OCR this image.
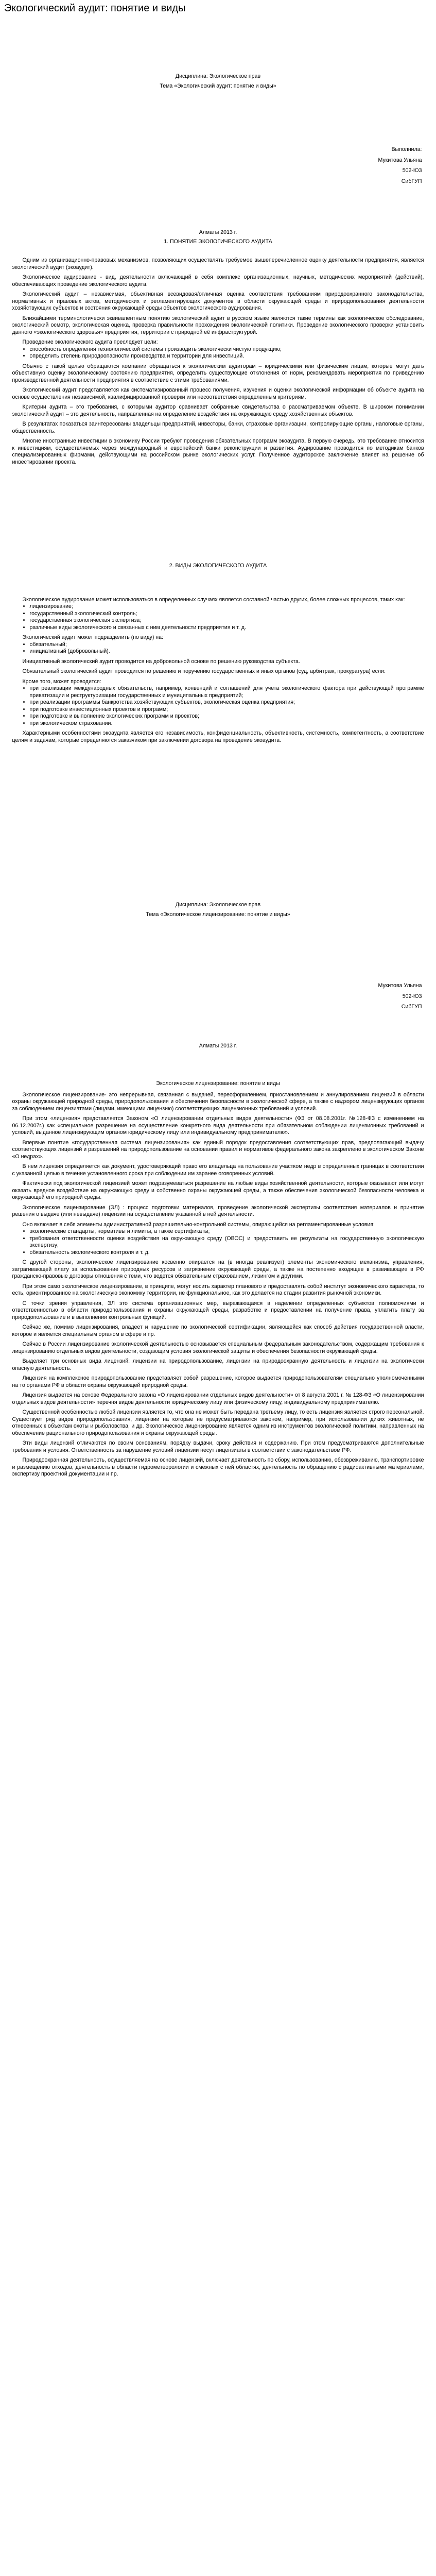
Экологический аудит: понятие и виды
Дисциплина: Экологическое прав
Тема «Экологический аудит: понятие и виды»
Выполнила:
Мукитова Ульяна
502-Ю3
СибГУП
Алматы 2013 г.
1. ПОНЯТИЕ ЭКОЛОГИЧЕСКОГО АУДИТА

Одним из организационно-правовых механизмов, позволяющих осуществлять требуемое вышеперечисленное оценку деятельности предприятия, является экологический аудит (экоаудит).

Экологическое аудирование - вид, деятельности включающий в себя комплекс организационных, научных, методических мероприятий (действий), обеспечивающих проведение экологического аудита.

Экологический аудит – независимая, объективная всевидовая/отличная оценка соответствия требованиям природоохранного законодательства, нормативных и правовых актов, методических и регламентирующих документов в области окружающей среды и природопользования деятельности хозяйствующих субъектов и состояния окружающей среды объектов экологического аудирования.

Ближайшими терминологически эквивалентным понятию экологический аудит в русском языке являются такие термины как экологическое обследование, экологический осмотр, экологическая оценка, проверка правильности прохождения экологической политики. Проведение экологического проверки установить данного «экологического здоровья» предприятия, территории с природной её инфраструктурой.

Проведение экологического аудита преследует цели:

• способность определения технологической системы производить экологически чистую продукцию;
• определить степень природоопасности производства и территории для инвестиций.

Обычно с такой целью обращаются компании обращаться к экологическим аудиторам – юридическими или физическим лицам, которые могут дать объективную оценку экологическому состоянию предприятия, определить существующие отклонения от норм, рекомендовать мероприятия по приведению производственной деятельности предприятия в соответствие с этими требованиями.

Экологический аудит представляется как систематизированный процесс получения, изучения и оценки экологической информации об объекте аудита на основе осуществления независимой, квалифицированной проверки или несоответствия определенным критериям.

Критерии аудита – это требования, с которыми аудитор сравнивает собранные свидетельства о рассматриваемом объекте. В широком понимании экологический аудит – это деятельность, направленная на определение воздействия на окружающую среду хозяйственных объектов.

В результатах показаться заинтересованы владельцы предприятий, инвесторы, банки, страховые организации, контролирующие органы, налоговые органы, общественность.

Многие иностранные инвестиции в экономику России требуют проведения обязательных программ экоаудита. В первую очередь, это требование относится к инвестициям, осуществляемых через международный и европейский банки реконструкции и развития. Аудирование проводится по методикам банков специализированных фирмами, действующими на российском рынке экологических услуг. Полученное аудиторское заключение влияет на решение об инвестировании проекта.

2. ВИДЫ ЭКОЛОГИЧЕСКОГО АУДИТА

Экологическое аудирование может использоваться в определенных случаях является составной частью других, более сложных процессов, таких как:

• лицензирование;
• государственный экологический контроль;
• государственная экологическая экспертиза;
• различные виды экологического и связанных с ним деятельности предприятия и т. д.

Экологический аудит может подразделить (по виду) на:

• обязательный;
• инициативный (добровольный).

Инициативный экологический аудит проводится на добровольной основе по решению руководства субъекта.

Обязательный экологический аудит проводится по решению и поручению государственных и иных органов (суд, арбитраж, прокуратура) если:

Кроме того, может проводится:

• при реализации международных обязательств, например, конвенций и соглашений для учета экологического фактора при действующей программе приватизации и реструктуризации государственных и муниципальных предприятий;
• при реализации программы банкротства хозяйствующих субъектов, экологическая оценка предприятия;
• при подготовке инвестиционных проектов и программ;
• при подготовке и выполнение экологических программ и проектов;
• при экологическом страховании.

Характерными особенностями экоаудита является его независимость, конфиденциальность, объективность, системность, компетентность, а соответствие целям и задачам, которые определяются заказчиком при заключении договора на проведение экоаудита.

Дисциплина: Экологическое прав
Тема «Экологическое лицензирование: понятие и виды»
Мукитова Ульяна
502-Ю3
СибГУП
Алматы 2013 г.
Экологическое лицензирование: понятие и виды

Экологическое лицензирование- это непрерывная, связанная с выдачей, переоформлением, приостановлением и аннулированием лицензий в области охраны окружающей природной среды, природопользования и обеспечения безопасности в экологической сфере, а также с надзором лицензирующих органов за соблюдением лицензиатами (лицами, имеющими лицензию) соответствующих лицензионных требований и условий.

При этом «лицензия» представляется Законом «О лицензировании отдельных видов деятельности» (ФЗ от 08.08.2001г. №128-ФЗ с изменением на 06.12.2007г.) как «специальное разрешение на осуществление конкретного вида деятельности при обязательном соблюдении лицензионных требований и условий, выданное лицензирующим органом юридическому лицу или индивидуальному предпринимателю».

Впервые понятие «государственная система лицензирования» как единый порядок предоставления соответствующих прав, предполагающий выдачу соответствующих лицензий и разрешений на природопользование на основании правил и нормативов федерального закона закреплено в экологическом Законе «О недрах».

В нем лицензия определяется как документ, удостоверяющий право его владельца на пользование участком недр в определенных границах в соответствии с указанной целью в течение установленного срока при соблюдении им заранее оговоренных условий.

Фактически под экологической лицензией может подразумеваться разрешение на любые виды хозяйственной деятельности, которые оказывают или могут оказать вредное воздействие на окружающую среду и собственно охраны окружающей среды, а также обеспечения экологической безопасности человека и окружающей его природной среды.

Экологическое лицензирование (ЭЛ) : процесс подготовки материалов, проведение экологической экспертизы соответствия материалов и принятие решения о выдаче (или невыдаче) лицензии на осуществление указанной в ней деятельности.

Оно включает в себя элементы административной разрешительно-контрольной системы, опирающейся на регламентированные условия:

• экологические стандарты, нормативы и лимиты, а также сертификаты;
• требования ответственности оценки воздействия на окружающую среду (ОВОС) и предоставить ее результаты на государственную экологическую экспертизу;
• обязательность экологического контроля и т. д.

С другой стороны, экологическое лицензирование косвенно опирается на (в иногда реализует) элементы экономического механизма, управления, затрагивающей плату за использование природных ресурсов и загрязнение окружающей среды, а также на постепенно входящее в развивающие в РФ гражданско-правовые договоры отношения с теми, что ведется обязательным страхованием, лизингом и другими.

При этом само экологическое лицензирование, в принципе, могут носить характер планового и предоставлять собой институт экономического характера, то есть, ориентированное на экологическую экономику территории, не функциональное, как это делается на стадии развития рыночной экономики.

С точки зрения управления, ЭЛ это система организационных мер, выражающаяся в наделении определенных субъектов полномочиями и ответственностью в области природопользования и охраны окружающей среды, разработке и предоставлении на получение права, уплатить плату за природопользование и в выполнении контрольных функций.

Сейчас же, помимо лицензирования, владеет и нарушение по экологической сертификации, являющейся как способ действия государственной власти, которое и является специальным органом в сфере и пр.

Сейчас в России лицензирование экологической деятельностью основывается специальным федеральным законодательством, содержащим требования к лицензированию отдельных видов деятельности, создающим условия экологической защиты и обеспечения безопасности окружающей среды.

Выделяет три основных вида лицензий: лицензии на природопользование, лицензии на природоохранную деятельность и лицензии на экологически опасную деятельность.

Лицензия на комплексное природопользование представляет собой разрешение, которое выдается природопользователям специально уполномоченными на то органами РФ в области охраны окружающей природной среды.

Лицензия выдается на основе Федерального закона «О лицензировании отдельных видов деятельности» от 8 августа 2001 г. № 128-ФЗ «О лицензировании отдельных видов деятельности» перечня видов деятельности юридическому лицу или физическому лицу, индивидуальному предпринимателю.

Существенной особенностью любой лицензии является то, что она не может быть передана третьему лицу, то есть лицензия является строго персональной. Существует ряд видов природопользования, лицензии на которые не предусматриваются законом, например, при использовании диких животных, не отнесенных к объектам охоты и рыболовства, и др. Экологическое лицензирование является одним из инструментов экологической политики, направленных на обеспечение рационального природопользования и охраны окружающей среды.

Эти виды лицензий отличаются по своим основаниям, порядку выдачи, сроку действия и содержанию. При этом предусматриваются дополнительные требования и условия. Ответственность за нарушение условий лицензии несут лицензиаты в соответствии с законодательством РФ.

Природоохранная деятельность, осуществляемая на основе лицензий, включает деятельность по сбору, использованию, обезвреживанию, транспортировке и размещению отходов, деятельность в области гидрометеорологии и смежных с ней областях, деятельность по обращению с радиоактивными материалами, экспертизу проектной документации и пр.
